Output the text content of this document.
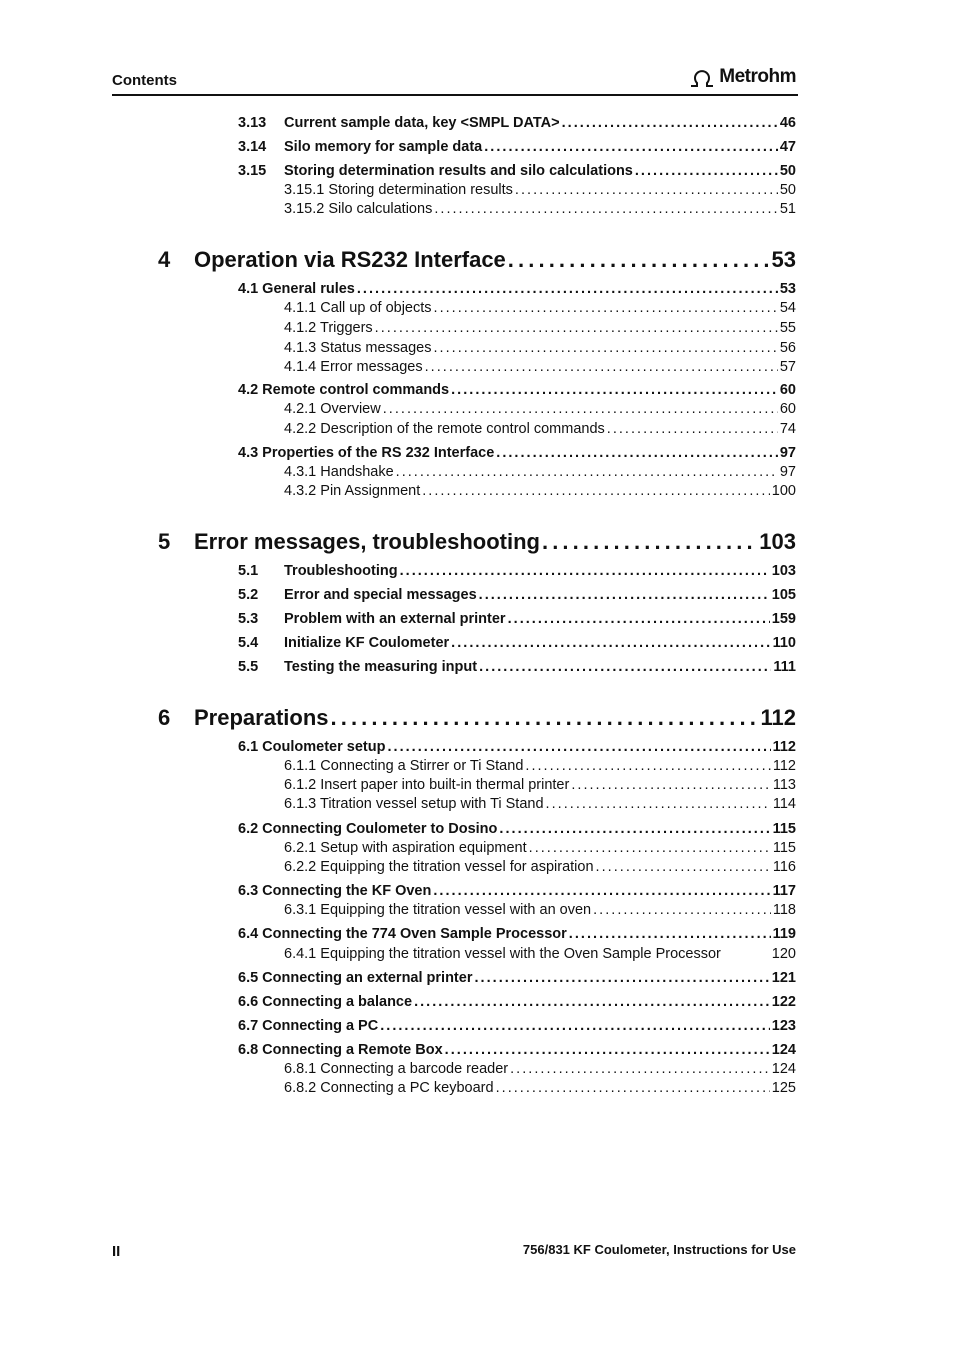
Contents	Metrohm
3.13	Current sample data, key <SMPL DATA> . . .	46
3.14	Silo memory for sample data . . .	47
3.15	Storing determination results and silo calculations . . .	50
3.15.1 Storing determination results . . .	50
3.15.2 Silo calculations . . .	51
4	Operation via RS232 Interface . . .	53
4.1 General rules . . .	53
4.1.1 Call up of objects . . .	54
4.1.2 Triggers . . .	55
4.1.3 Status messages . . .	56
4.1.4 Error messages . . .	57
4.2 Remote control commands . . .	60
4.2.1 Overview . . .	60
4.2.2 Description of the remote control commands . . .	74
4.3 Properties of the RS 232 Interface . . .	97
4.3.1 Handshake . . .	97
4.3.2 Pin Assignment . . .	100
5	Error messages, troubleshooting . . .	103
5.1	Troubleshooting . . .	103
5.2	Error and special messages . . .	105
5.3	Problem with an external printer . . .	159
5.4	Initialize KF Coulometer . . .	110
5.5	Testing the measuring input . . .	111
6	Preparations . . .	112
6.1 Coulometer setup . . .	112
6.1.1 Connecting a Stirrer or Ti Stand . . .	112
6.1.2 Insert paper into built-in thermal printer . . .	113
6.1.3 Titration vessel setup with Ti Stand . . .	114
6.2 Connecting Coulometer to Dosino . . .	115
6.2.1 Setup with aspiration equipment . . .	115
6.2.2 Equipping the titration vessel for aspiration . . .	116
6.3 Connecting the KF Oven . . .	117
6.3.1 Equipping the titration vessel with an oven . . .	118
6.4 Connecting the 774 Oven Sample Processor . . .	119
6.4.1 Equipping the titration vessel with the Oven Sample Processor	120
6.5 Connecting an external printer . . .	121
6.6 Connecting a balance . . .	122
6.7 Connecting a PC . . .	123
6.8 Connecting a Remote Box . . .	124
6.8.1 Connecting a barcode reader . . .	124
6.8.2 Connecting a PC keyboard . . .	125
II	756/831 KF Coulometer, Instructions for Use
